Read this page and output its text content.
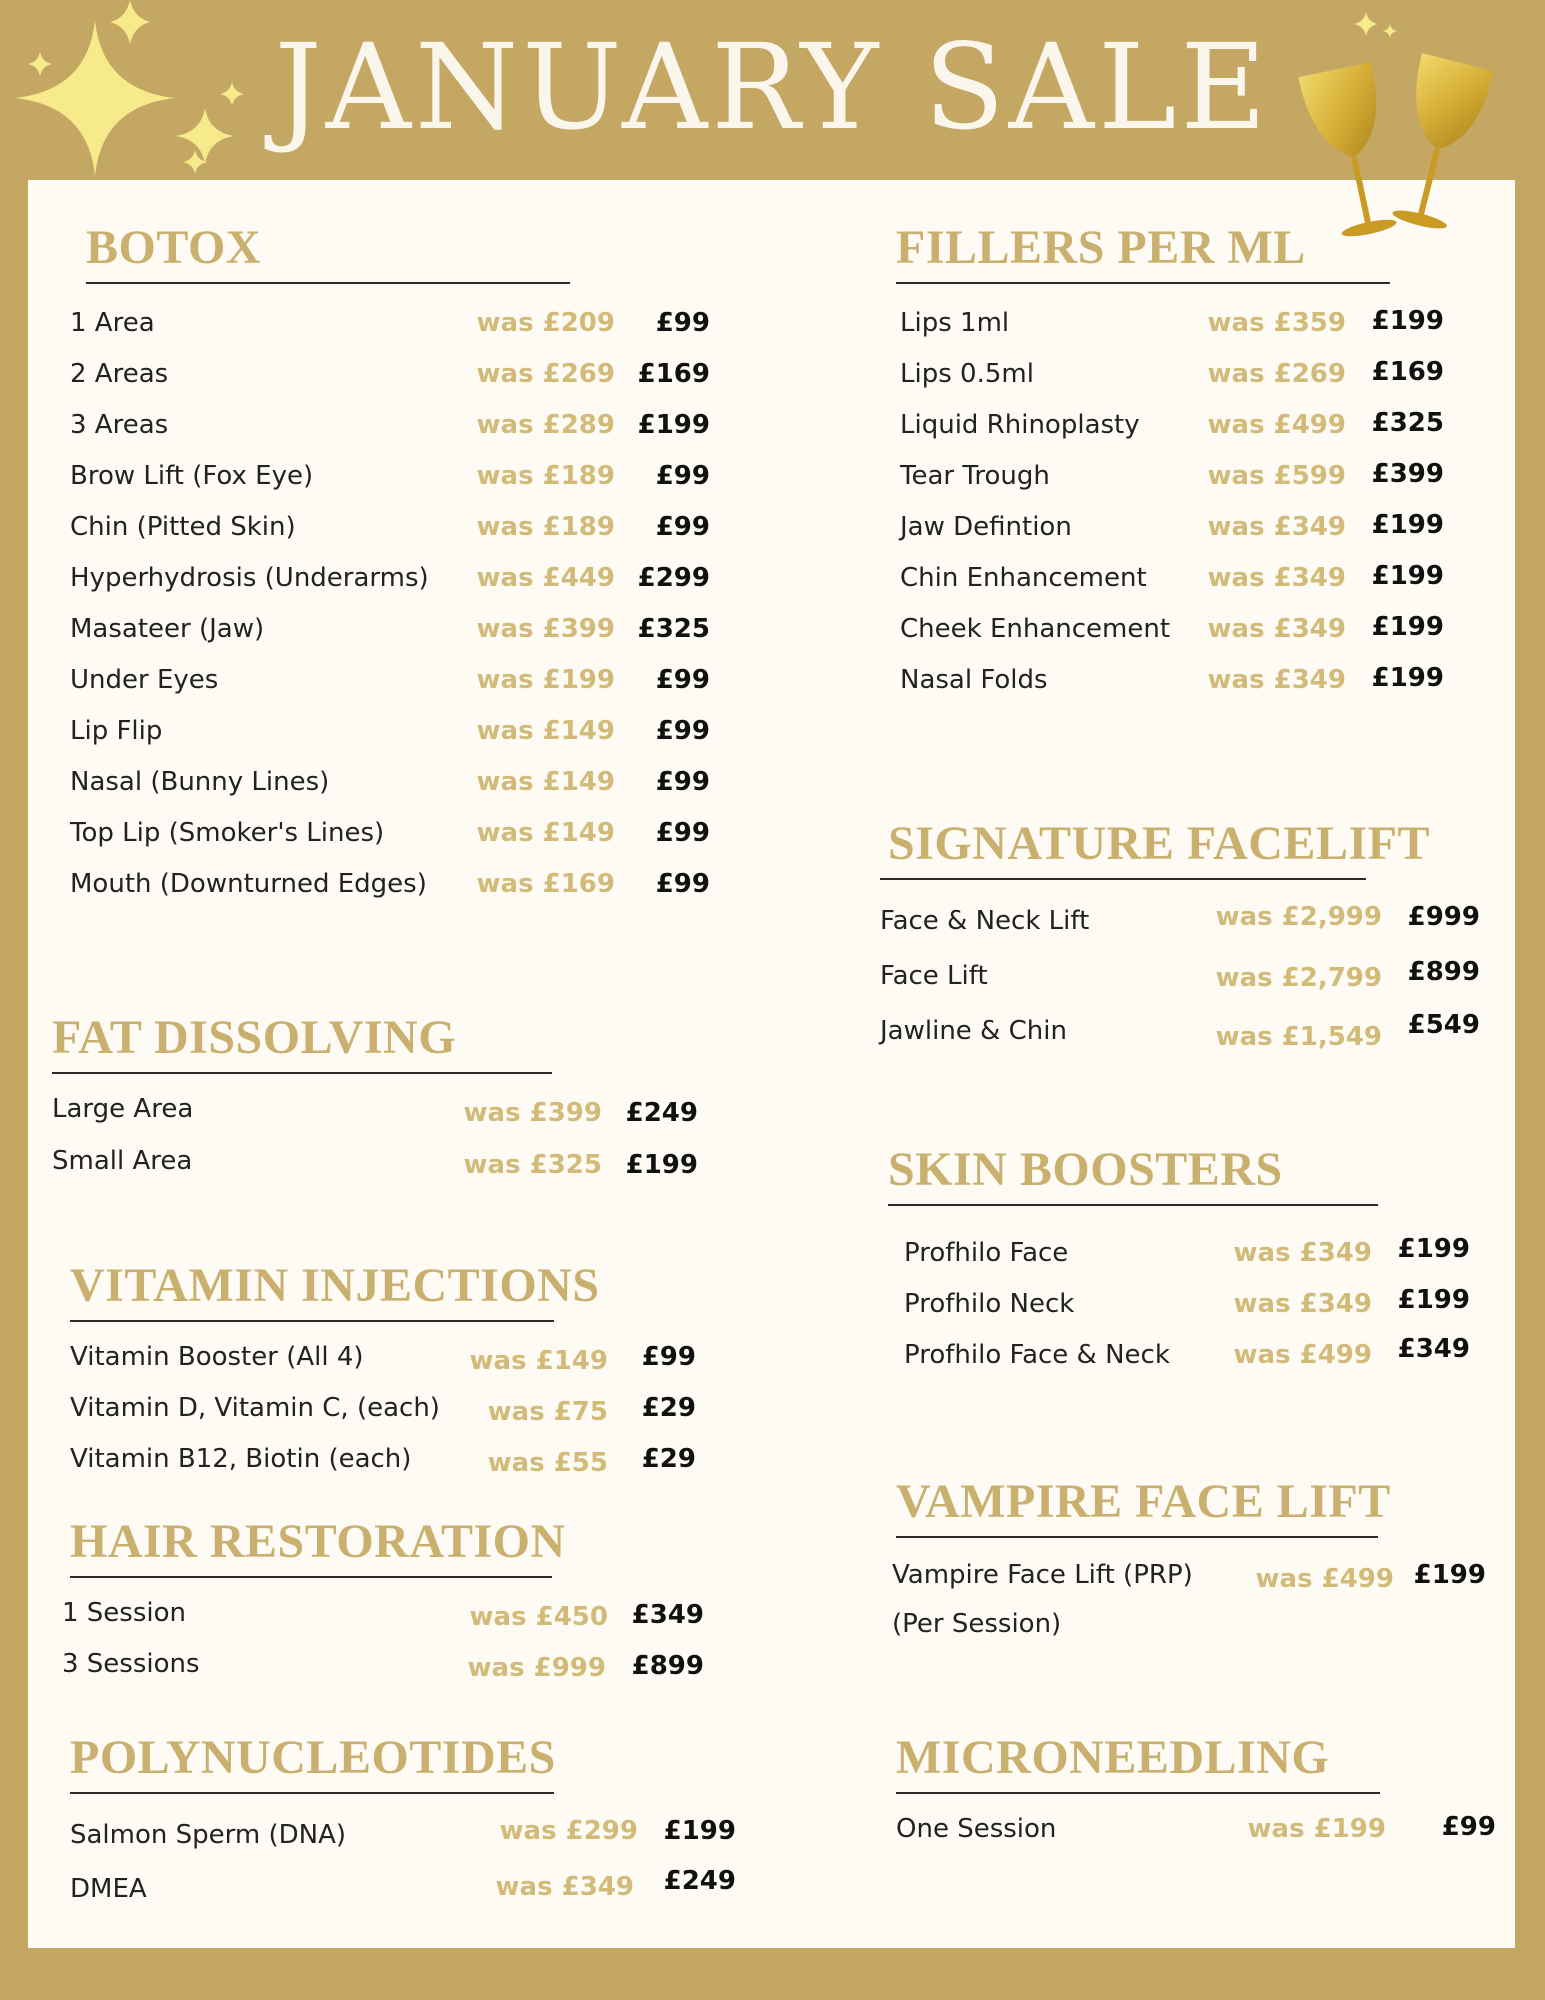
JANUARY SALE
BOTOX
1 Area	was £209 £99
2 Areas	was £269 £169
3 Areas	was £289 £199
Brow Lift (Fox Eye)	was £189 £99
Chin (Pitted Skin)	was £189 £99
Hyperhydrosis (Underarms) was £449 £299
Masateer (Jaw)	was £399 £325
Under Eyes	was £199 £99
Lip Flip	was £149 £99
Nasal (Bunny Lines)	was £149 £99
Top Lip (Smoker's Lines)	was £149 £99
Mouth (Downturned Edges) was £169 £99
FAT DISSOLVING
Large Area	was £399 £249
Small Area	was £325 £199
VITAMIN INJECTIONS
Vitamin Booster (All 4)	was £149 £99
Vitamin D, Vitamin C, (each) was £75 £29
Vitamin B12, Biotin (each)	was £55 £29
HAIR RESTORATION
1 Session	was £450 £349
3 Sessions	was £999 £899
POLYNUCLEOTIDES
Salmon Sperm (DNA)	was £299 £199
DMEA	was £349 £249
FILLERS PER ML
Lips 1ml	was £359 £199
Lips 0.5ml	was £269 £169
Liquid Rhinoplasty	was £499 £325
Tear Trough	was £599 £399
Jaw Defintion	was £349 £199
Chin Enhancement was £349 £199
Cheek Enhancement was £349 £199
Nasal Folds	was £349 £199
SIGNATURE FACELIFT
Face & Neck Lift	was £2,999 £999
Face Lift	was £2,799 £899
Jawline & Chin	was £1,549 £549
SKIN BOOSTERS
Profhilo Face	was £349 £199
Profhilo Neck	was £349 £199
Profhilo Face & Neck was £499 £349
VAMPIRE FACE LIFT
Vampire Face Lift (PRP) was £499 £199
(Per Session)
MICRONEEDLING
One Session	was £199 £99
